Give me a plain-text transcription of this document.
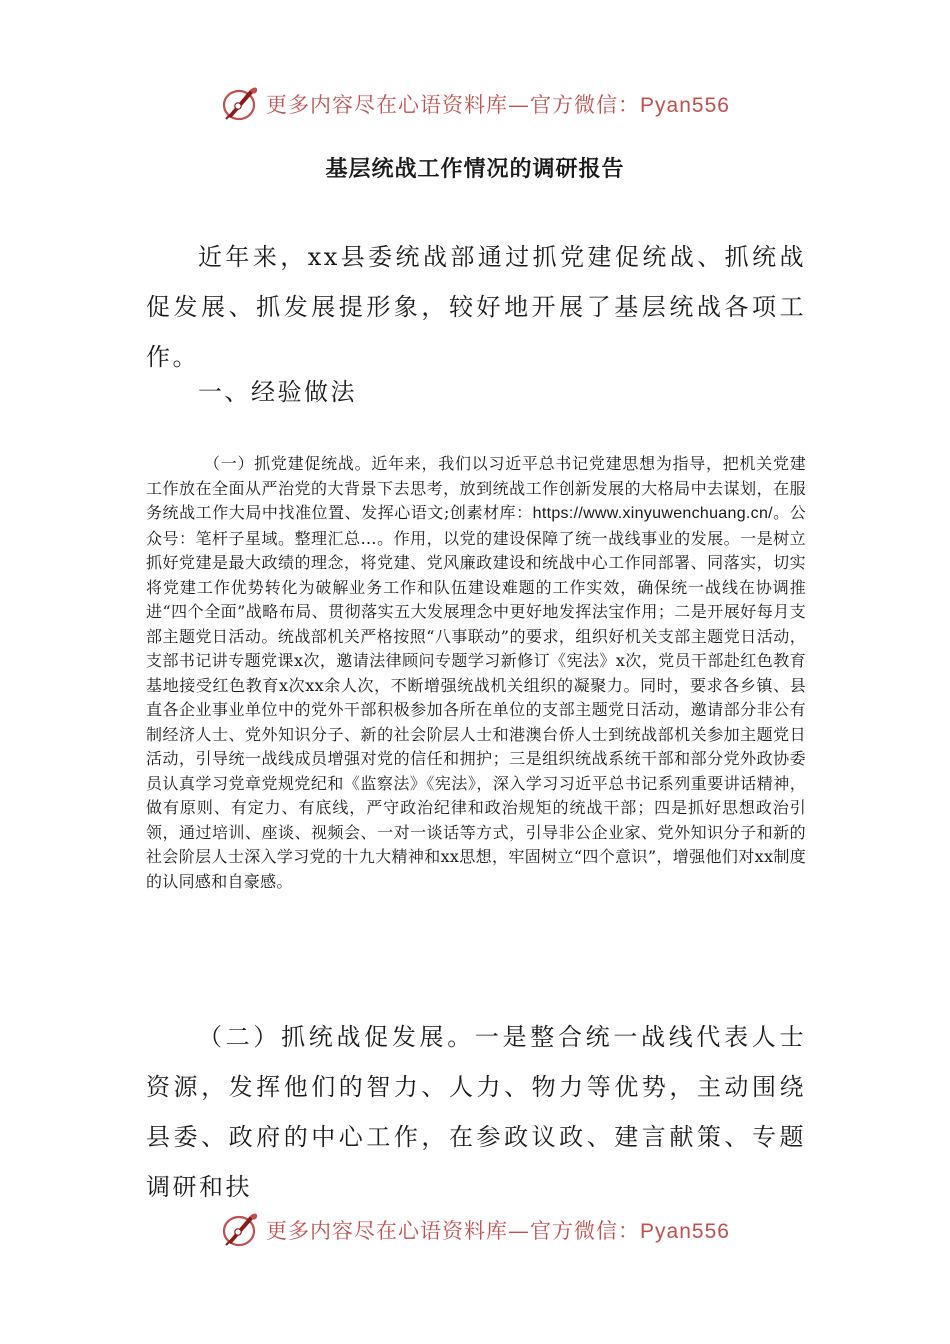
更多内容尽在心语资料库—官方微信：Pyan556
基层统战工作情况的调研报告

近年来，xx县委统战部通过抓党建促统战、抓统战促发展、抓发展提形象，较好地开展了基层统战各项工作。

一、经验做法

（一）抓党建促统战。近年来，我们以习近平总书记党建思想为指导，把机关党建工作放在全面从严治党的大背景下去思考，放到统战工作创新发展的大格局中去谋划，在服务统战工作大局中找准位置、发挥心语文;创素材库：https://www.xinyuwenchuang.cn/。公众号：笔杆子星域。整理汇总…。作用，以党的建设保障了统一战线事业的发展。一是树立抓好党建是最大政绩的理念，将党建、党风廉政建设和统战中心工作同部署、同落实，切实将党建工作优势转化为破解业务工作和队伍建设难题的工作实效，确保统一战线在协调推进“四个全面”战略布局、贯彻落实五大发展理念中更好地发挥法宝作用；二是开展好每月支部主题党日活动。统战部机关严格按照“八事联动”的要求，组织好机关支部主题党日活动，支部书记讲专题党课x次，邀请法律顾问专题学习新修订《宪法》x次，党员干部赴红色教育基地接受红色教育x次xx余人次，不断增强统战机关组织的凝聚力。同时，要求各乡镇、县直各企业事业单位中的党外干部积极参加各所在单位的支部主题党日活动，邀请部分非公有制经济人士、党外知识分子、新的社会阶层人士和港澳台侨人士到统战部机关参加主题党日活动，引导统一战线成员增强对党的信任和拥护；三是组织统战系统干部和部分党外政协委员认真学习党章党规党纪和《监察法》《宪法》，深入学习习近平总书记系列重要讲话精神，做有原则、有定力、有底线，严守政治纪律和政治规矩的统战干部；四是抓好思想政治引领，通过培训、座谈、视频会、一对一谈话等方式，引导非公企业家、党外知识分子和新的社会阶层人士深入学习党的十九大精神和xx思想，牢固树立“四个意识”，增强他们对xx制度的认同感和自豪感。

（二）抓统战促发展。一是整合统一战线代表人士资源，发挥他们的智力、人力、物力等优势，主动围绕县委、政府的中心工作，在参政议政、建言献策、专题调研和扶

更多内容尽在心语资料库—官方微信：Pyan556
